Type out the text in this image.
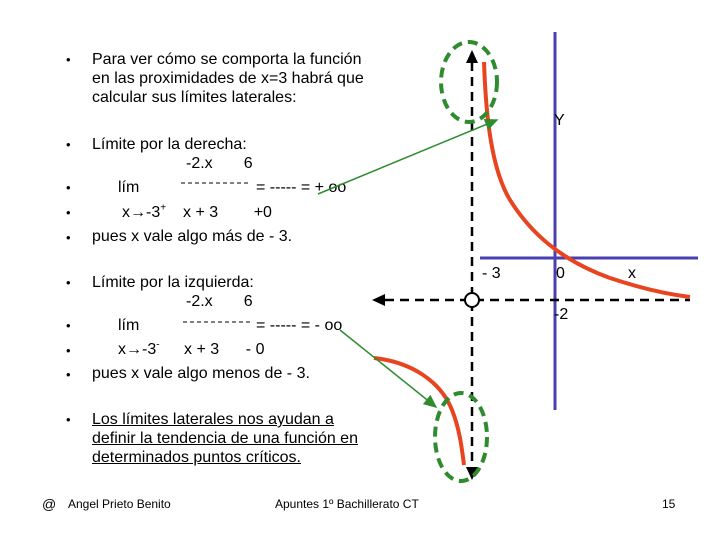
• Para ver cómo se comporta la función
en las proximidades de x=3 habrá que
calcular sus límites laterales:
• Límite por la derecha:
-2.x       6
•	lím	= ----- = + oo
•	x→-3+ x + 3        +0
• pues x vale algo más de - 3.
• Límite por la izquierda:
-2.x       6
•	lím	= ----- = - oo
•	x→-3- x + 3      - 0
• pues x vale algo menos de - 3.
• Los límites laterales nos ayudan a
definir la tendencia de una función en
determinados puntos críticos.
Y
- 3	0	x
-2
@ Angel Prieto Benito	Apuntes 1º Bachillerato CT	15
